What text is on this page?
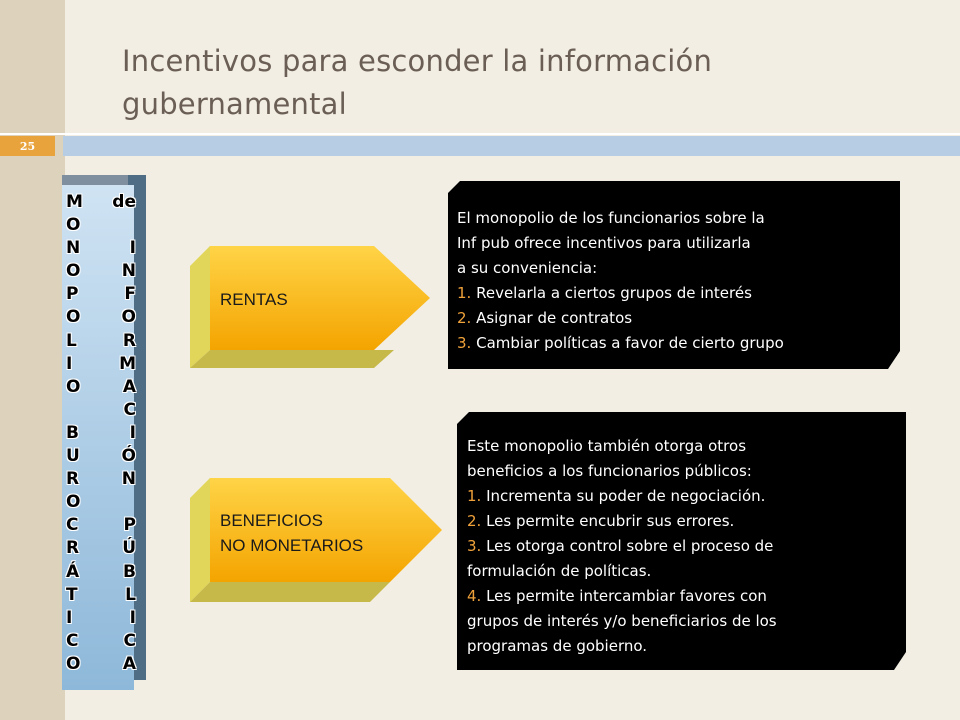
Incentivos para esconder la información
gubernamental
25
M
O
N
O
P
O
L
I
O

B
U
R
O
C
R
Á
T
I
C
O
de

I
N
F
O
R
M
A
C
I
Ó
N

P
Ú
B
L
I
C
A
RENTAS
BENEFICIOS
NO MONETARIOS
El monopolio de los funcionarios sobre la
Inf pub ofrece incentivos para utilizarla
a su conveniencia:
1. Revelarla a ciertos grupos de interés
2. Asignar de contratos
3. Cambiar políticas a favor de cierto grupo
Este monopolio también otorga otros
beneficios a los funcionarios públicos:
1. Incrementa su poder de negociación.
2. Les permite encubrir sus errores.
3. Les otorga control sobre el proceso de
formulación de políticas.
4. Les permite intercambiar favores con
grupos de interés y/o beneficiarios de los
programas de gobierno.
